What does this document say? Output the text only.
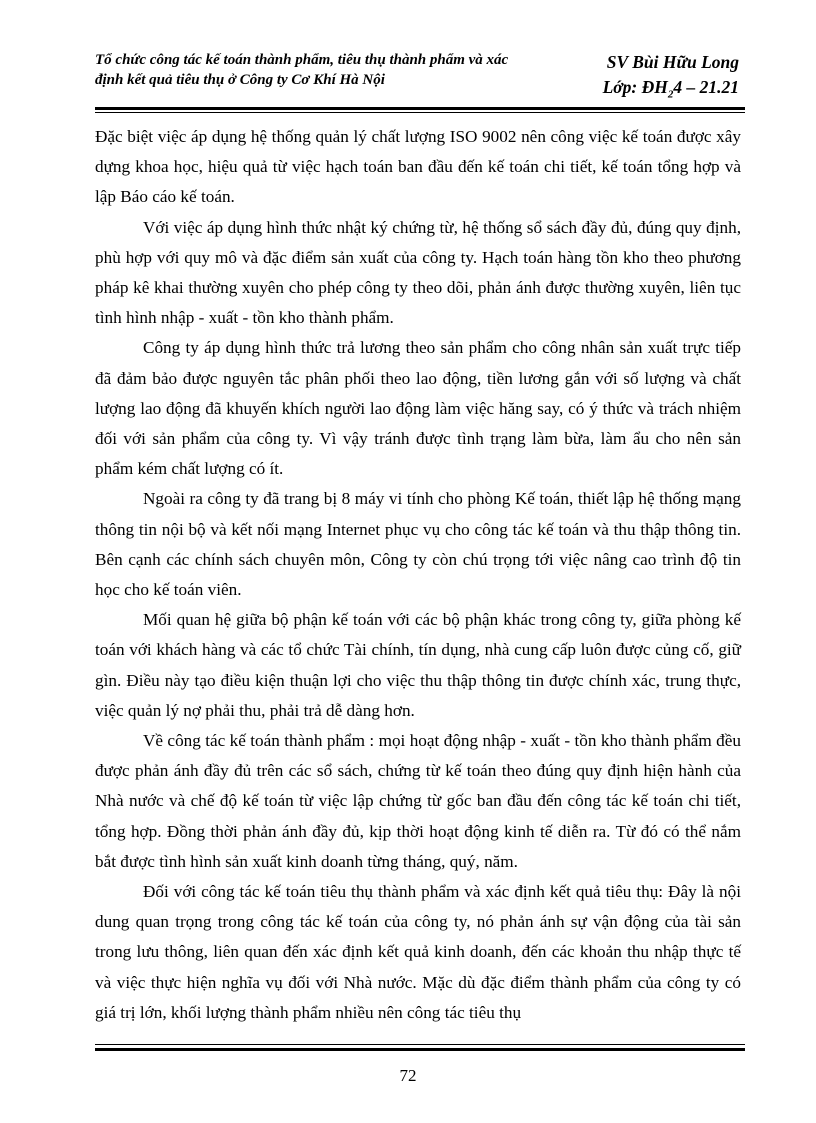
Tổ chức công tác kế toán thành phẩm, tiêu thụ thành phẩm và xác
định kết quả tiêu thụ ở Công ty Cơ Khí Hà Nội
SV Bùi Hữu Long
Lớp: $ĐH_24 - 21.21$

Đặc biệt việc áp dụng hệ thống quản lý chất lượng ISO 9002 nên công việc kế toán được xây dựng khoa học, hiệu quả từ việc hạch toán ban đầu đến kế toán chi tiết, kế toán tổng hợp và lập Báo cáo kế toán.

Với việc áp dụng hình thức nhật ký chứng từ, hệ thống sổ sách đầy đủ, đúng quy định, phù hợp với quy mô và đặc điểm sản xuất của công ty. Hạch toán hàng tồn kho theo phương pháp kê khai thường xuyên cho phép công ty theo dõi, phản ánh được thường xuyên, liên tục tình hình nhập - xuất - tồn kho thành phẩm.

Công ty áp dụng hình thức trả lương theo sản phẩm cho công nhân sản xuất trực tiếp đã đảm bảo được nguyên tắc phân phối theo lao động, tiền lương gắn với số lượng và chất lượng lao động đã khuyến khích người lao động làm việc hăng say, có ý thức và trách nhiệm đối với sản phẩm của công ty. Vì vậy tránh được tình trạng làm bừa, làm ẩu cho nên sản phẩm kém chất lượng có ít.

Ngoài ra công ty đã trang bị 8 máy vi tính cho phòng Kế toán, thiết lập hệ thống mạng thông tin nội bộ và kết nối mạng Internet phục vụ cho công tác kế toán và thu thập thông tin. Bên cạnh các chính sách chuyên môn, Công ty còn chú trọng tới việc nâng cao trình độ tin học cho kế toán viên.

Mối quan hệ giữa bộ phận kế toán với các bộ phận khác trong công ty, giữa phòng kế toán với khách hàng và các tổ chức Tài chính, tín dụng, nhà cung cấp luôn được củng cố, giữ gìn. Điều này tạo điều kiện thuận lợi cho việc thu thập thông tin được chính xác, trung thực, việc quản lý nợ phải thu, phải trả dễ dàng hơn.

Về công tác kế toán thành phẩm : mọi hoạt động nhập - xuất - tồn kho thành phẩm đều được phản ánh đầy đủ trên các sổ sách, chứng từ kế toán theo đúng quy định hiện hành của Nhà nước và chế độ kế toán từ việc lập chứng từ gốc ban đầu đến công tác kế toán chi tiết, tổng hợp. Đồng thời phản ánh đầy đủ, kịp thời hoạt động kinh tế diễn ra. Từ đó có thể nắm bắt được tình hình sản xuất kinh doanh từng tháng, quý, năm.

Đối với công tác kế toán tiêu thụ thành phẩm và xác định kết quả tiêu thụ: Đây là nội dung quan trọng trong công tác kế toán của công ty, nó phản ánh sự vận động của tài sản trong lưu thông, liên quan đến xác định kết quả kinh doanh, đến các khoản thu nhập thực tế và việc thực hiện nghĩa vụ đối với Nhà nước. Mặc dù đặc điểm thành phẩm của công ty có giá trị lớn, khối lượng thành phẩm nhiều nên công tác tiêu thụ

72
